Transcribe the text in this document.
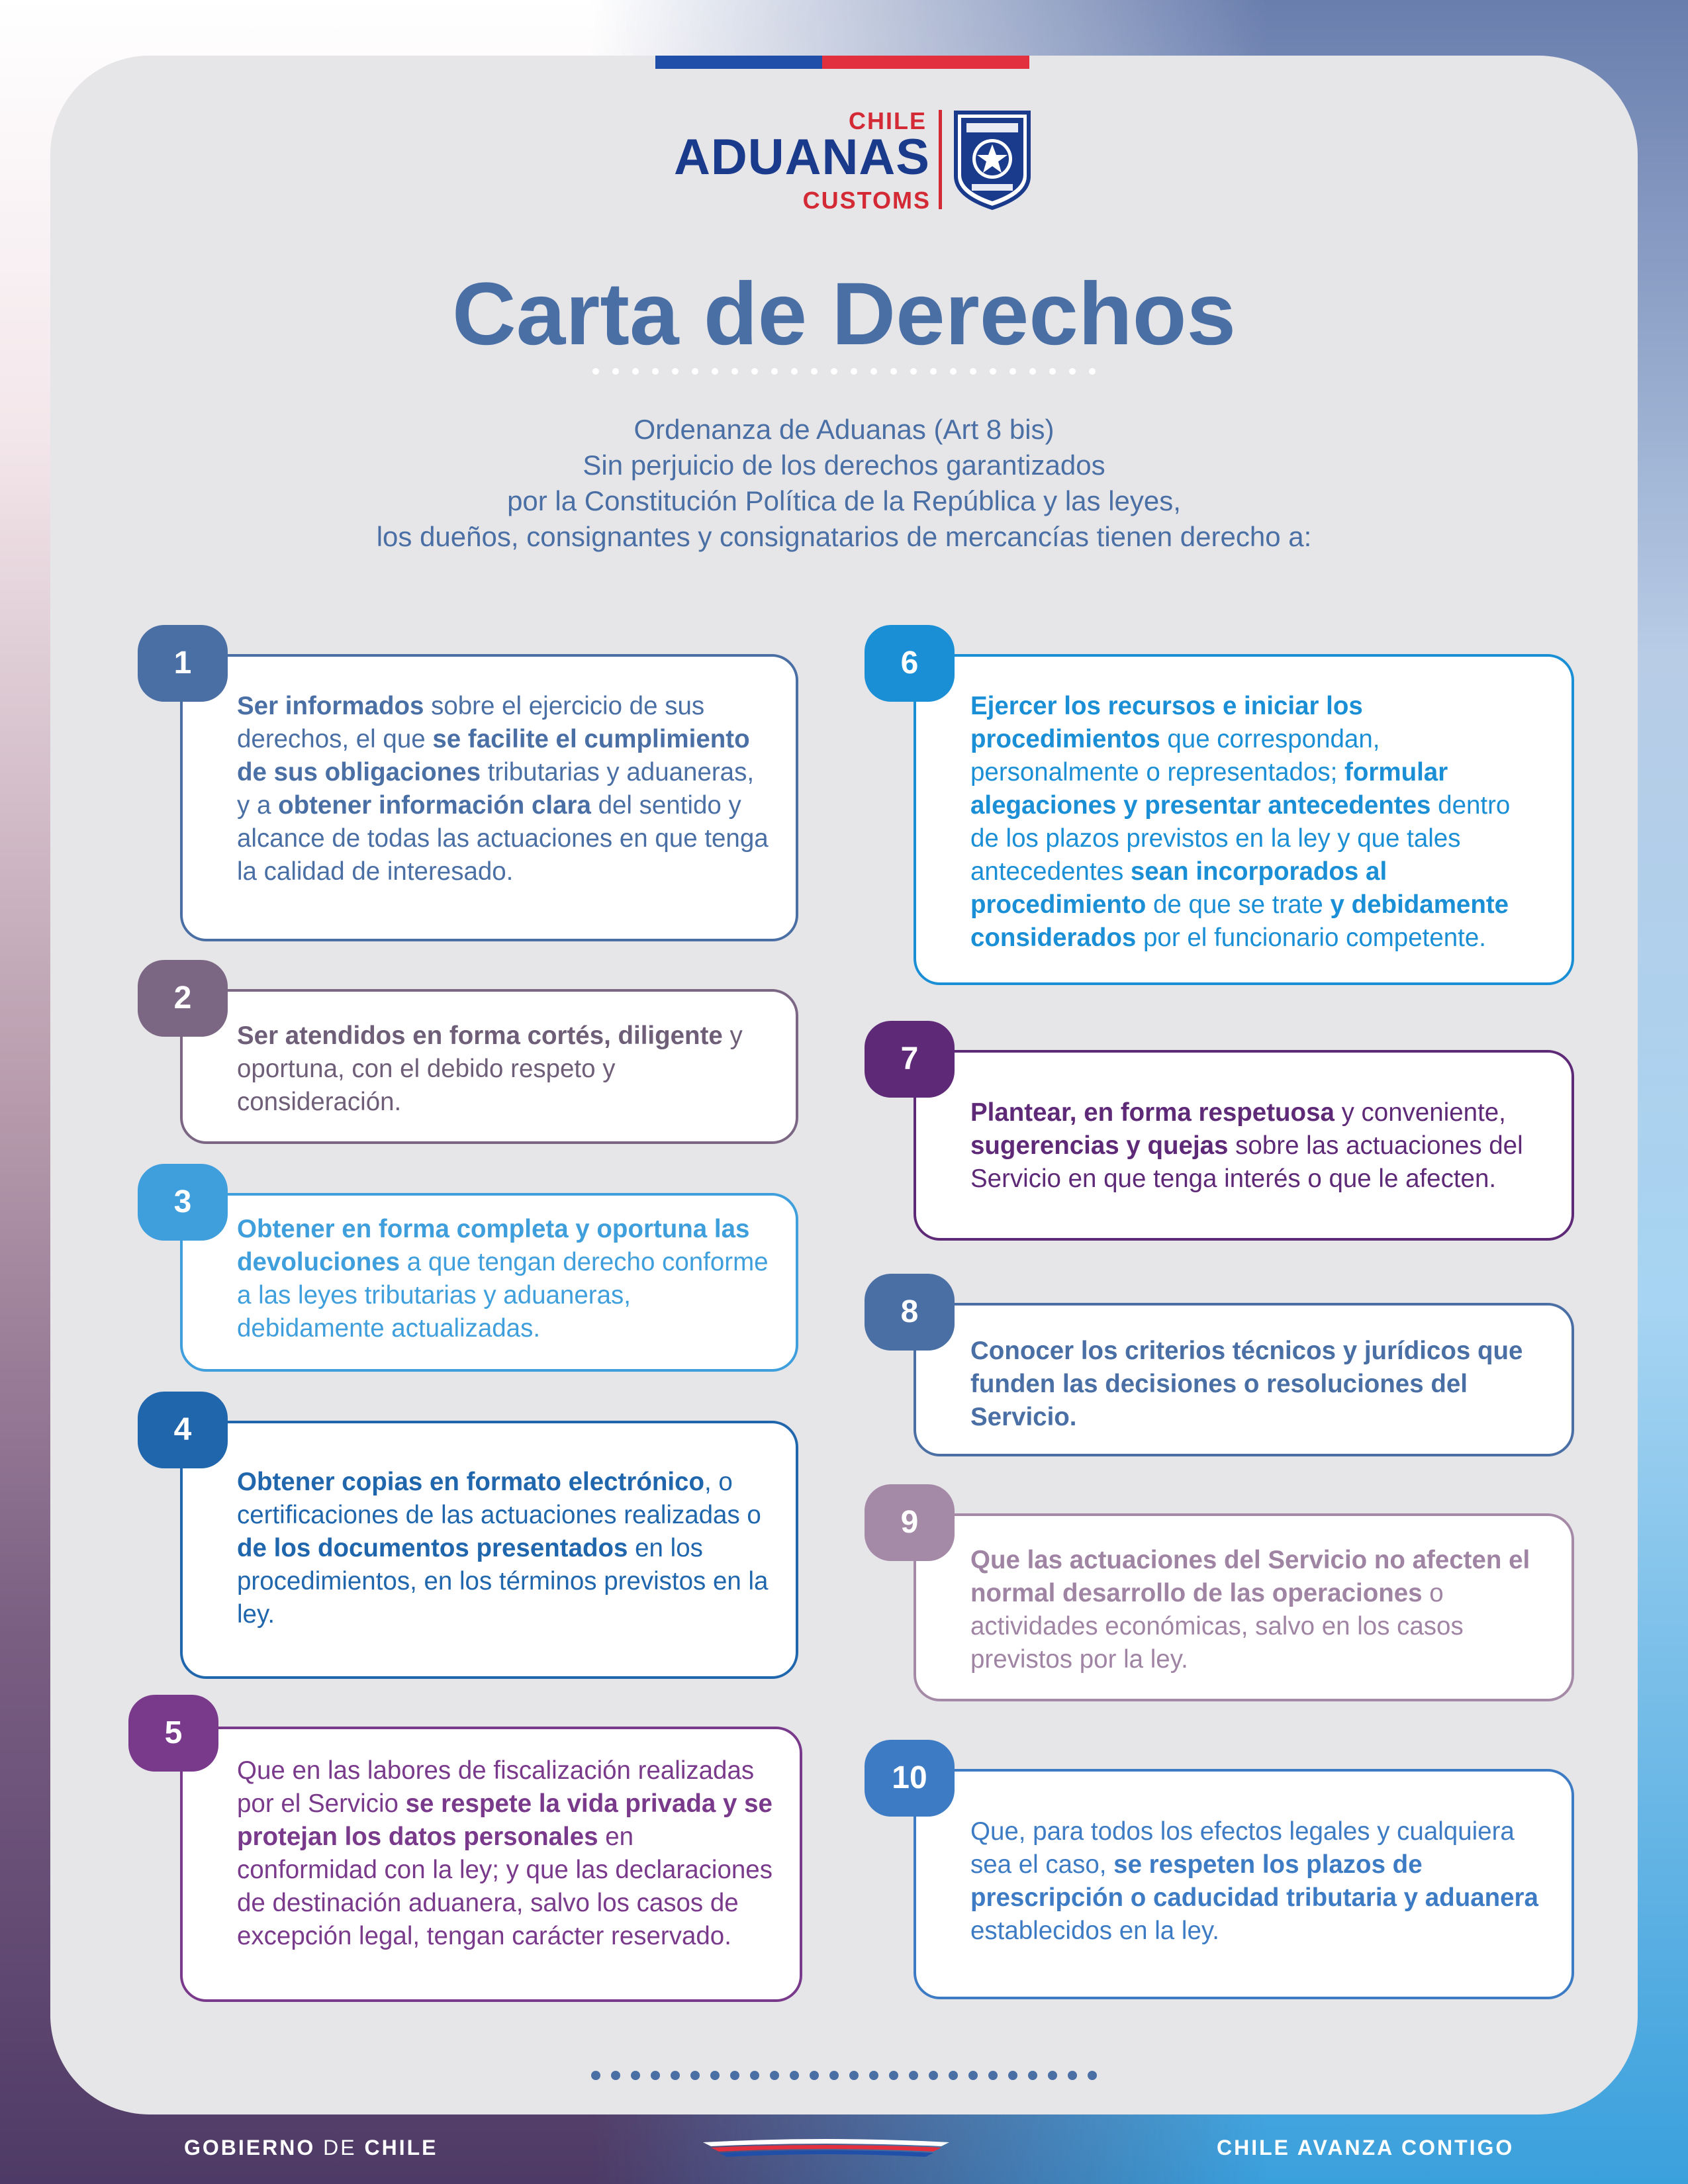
CHILE
ADUANAS
CUSTOMS
Carta de Derechos
Ordenanza de Aduanas (Art 8 bis)
Sin perjuicio de los derechos garantizados
por la Constitución Política de la República y las leyes,
los dueños, consignantes y consignatarios de mercancías tienen derecho a:
Ser informados sobre el ejercicio de sus derechos, el que se facilite el cumplimiento de sus obligaciones tributarias y aduaneras, y a obtener información clara del sentido y alcance de todas las actuaciones en que tenga la calidad de interesado.
1
Ser atendidos en forma cortés, diligente y oportuna, con el debido respeto y consideración.
2
Obtener en forma completa y oportuna las devoluciones a que tengan derecho conforme a las leyes tributarias y aduaneras, debidamente actualizadas.
3
Obtener copias en formato electrónico, o certificaciones de las actuaciones realizadas o de los documentos presentados en los procedimientos, en los términos previstos en la ley.
4
Que en las labores de fiscalización realizadas por el Servicio se respete la vida privada y se protejan los datos personales en conformidad con la ley; y que las declaraciones de destinación aduanera, salvo los casos de excepción legal, tengan carácter reservado.
5
Ejercer los recursos e iniciar los procedimientos que correspondan, personalmente o representados; formular alegaciones y presentar antecedentes dentro de los plazos previstos en la ley y que tales antecedentes sean incorporados al procedimiento de que se trate y debidamente considerados por el funcionario competente.
6
Plantear, en forma respetuosa y conveniente, sugerencias y quejas sobre las actuaciones del Servicio en que tenga interés o que le afecten.
7
Conocer los criterios técnicos y jurídicos que funden las decisiones o resoluciones del Servicio.
8
Que las actuaciones del Servicio no afecten el normal desarrollo de las operaciones o actividades económicas, salvo en los casos previstos por la ley.
9
Que, para todos los efectos legales y cualquiera sea el caso, se respeten los plazos de prescripción o caducidad tributaria y aduanera establecidos en la ley.
10
GOBIERNO DE CHILE	CHILE AVANZA CONTIGO
